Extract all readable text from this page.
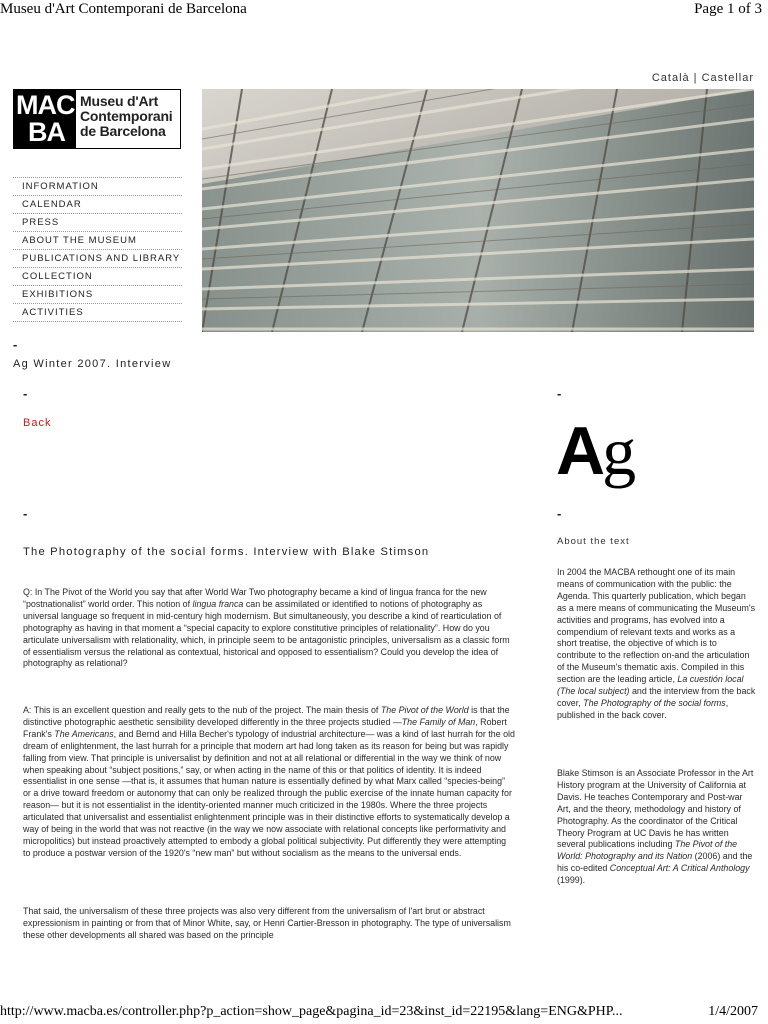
Museu d'Art Contemporani de Barcelona	Page 1 of 3
Català | Castellar
MAC
BA
Museu d'Art
Contemporani
de Barcelona
INFORMATION
CALENDAR
PRESS
ABOUT THE MUSEUM
PUBLICATIONS AND LIBRARY
COLLECTION
EXHIBITIONS
ACTIVITIES
-
Ag Winter 2007. Interview
-
Back
-
The Photography of the social forms. Interview with Blake Stimson

Q: In The Pivot of the World you say that after World War Two photography became a kind of lingua franca for the new “postnationalist” world order. This notion of lingua franca can be assimilated or identified to notions of photography as universal language so frequent in mid-century high modernism. But simultaneously, you describe a kind of rearticulation of photography as having in that moment a “special capacity to explore constitutive principles of relationality”. How do you articulate universalism with relationality, which, in principle seem to be antagonistic principles, universalism as a classic form of essentialism versus the relational as contextual, historical and opposed to essentialism? Could you develop the idea of photography as relational?

A: This is an excellent question and really gets to the nub of the project. The main thesis of The Pivot of the World is that the distinctive photographic aesthetic sensibility developed differently in the three projects studied —The Family of Man, Robert Frank's The Americans, and Bernd and Hilla Becher's typology of industrial architecture— was a kind of last hurrah for the old dream of enlightenment, the last hurrah for a principle that modern art had long taken as its reason for being but was rapidly falling from view. That principle is universalist by definition and not at all relational or differential in the way we think of now when speaking about “subject positions,” say, or when acting in the name of this or that politics of identity. It is indeed essentialist in one sense —that is, it assumes that human nature is essentially defined by what Marx called “species-being” or a drive toward freedom or autonomy that can only be realized through the public exercise of the innate human capacity for reason— but it is not essentialist in the identity-oriented manner much criticized in the 1980s. Where the three projects articulated that universalist and essentialist enlightenment principle was in their distinctive efforts to systematically develop a way of being in the world that was not reactive (in the way we now associate with relational concepts like performativity and micropolitics) but instead proactively attempted to embody a global political subjectivity. Put differently they were attempting to produce a postwar version of the 1920's “new man” but without socialism as the means to the universal ends.

That said, the universalism of these three projects was also very different from the universalism of l'art brut or abstract expressionism in painting or from that of Minor White, say, or Henri Cartier-Bresson in photography. The type of universalism these other developments all shared was based on the principle

-
Ag
-
About the text

In 2004 the MACBA rethought one of its main means of communication with the public: the Agenda. This quarterly publication, which began as a mere means of communicating the Museum's activities and programs, has evolved into a compendium of relevant texts and works as a short treatise, the objective of which is to contribute to the reflection on-and the articulation of the Museum's thematic axis. Compiled in this section are the leading article, La cuestión local (The local subject) and the interview from the back cover, The Photography of the social forms, published in the back cover.

Blake Stimson is an Associate Professor in the Art History program at the University of California at Davis. He teaches Contemporary and Post-war Art, and the theory, methodology and history of Photography. As the coordinator of the Critical Theory Program at UC Davis he has written several publications including The Pivot of the World: Photography and its Nation (2006) and the his co-edited Conceptual Art: A Critical Anthology (1999).

http://www.macba.es/controller.php?p_action=show_page&pagina_id=23&inst_id=22195&lang=ENG&PHP...	1/4/2007
